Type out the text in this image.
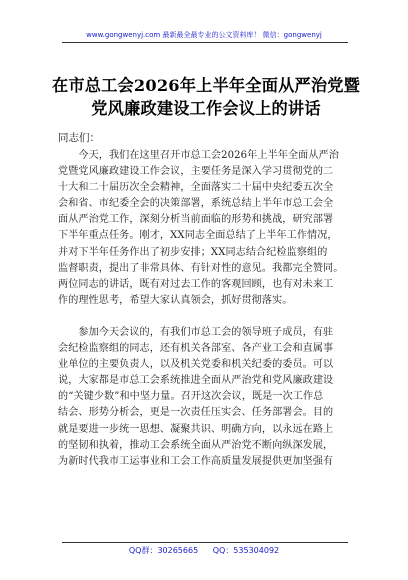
www.gongwenyj.com 最新最全最专业的公文资料库！ 微信：gongwenyj
在市总工会2026年上半年全面从严治党暨
党风廉政建设工作会议上的讲话
同志们：
　　今天，我们在这里召开市总工会2026年上半年全面从严治
党暨党风廉政建设工作会议，主要任务是深入学习贯彻党的二
十大和二十届历次全会精神，全面落实二十届中央纪委五次全
会和省、市纪委全会的决策部署，系统总结上半年市总工会全
面从严治党工作，深刻分析当前面临的形势和挑战，研究部署
下半年重点任务。刚才，XX同志全面总结了上半年工作情况，
并对下半年任务作出了初步安排；XX同志结合纪检监察组的
监督职责，提出了非常具体、有针对性的意见。我都完全赞同。
两位同志的讲话，既有对过去工作的客观回顾，也有对未来工
作的理性思考，希望大家认真领会，抓好贯彻落实。
　　参加今天会议的，有我们市总工会的领导班子成员，有驻
会纪检监察组的同志，还有机关各部室、各产业工会和直属事
业单位的主要负责人，以及机关党委和机关纪委的委员。可以
说，大家都是市总工会系统推进全面从严治党和党风廉政建设
的“关键少数”和中坚力量。召开这次会议，既是一次工作总
结会、形势分析会，更是一次责任压实会、任务部署会。目的
就是要进一步统一思想、凝聚共识、明确方向，以永远在路上
的坚韧和执着，推动工会系统全面从严治党不断向纵深发展，
为新时代我市工运事业和工会工作高质量发展提供更加坚强有
QQ群：30265665 QQ：535304092
